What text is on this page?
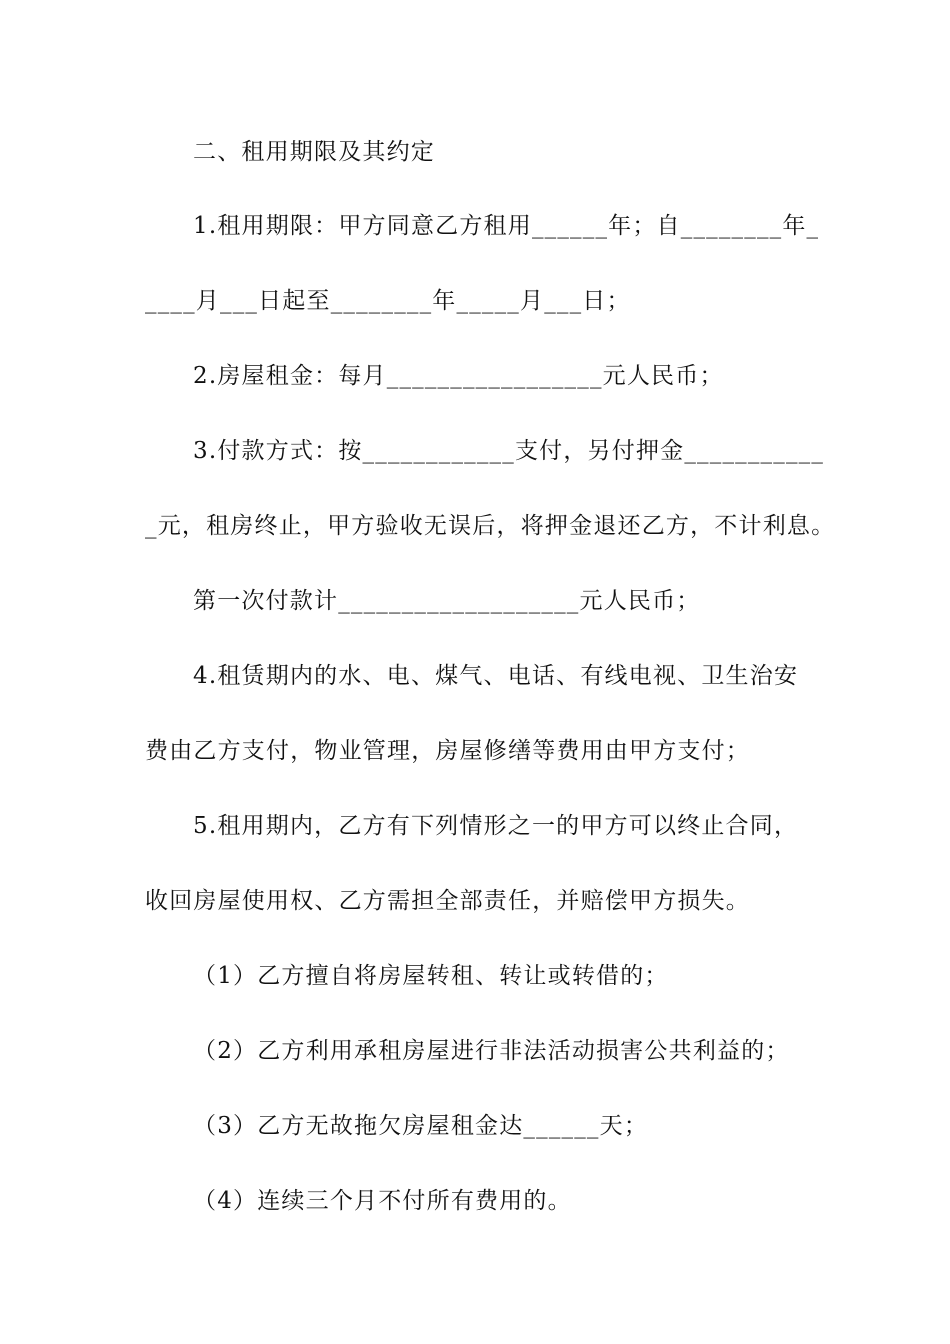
二、租用期限及其约定
1.租用期限：甲方同意乙方租用______年；自________年_
____月___日起至________年_____月___日；
2.房屋租金：每月_________________元人民币；
3.付款方式：按____________支付，另付押金___________
_元，租房终止，甲方验收无误后，将押金退还乙方，不计利息。
第一次付款计___________________元人民币；
4.租赁期内的水、电、煤气、电话、有线电视、卫生治安
费由乙方支付，物业管理，房屋修缮等费用由甲方支付；
5.租用期内，乙方有下列情形之一的甲方可以终止合同，
收回房屋使用权、乙方需担全部责任，并赔偿甲方损失。
（1）乙方擅自将房屋转租、转让或转借的；
（2）乙方利用承租房屋进行非法活动损害公共利益的；
（3）乙方无故拖欠房屋租金达______天；
（4）连续三个月不付所有费用的。
